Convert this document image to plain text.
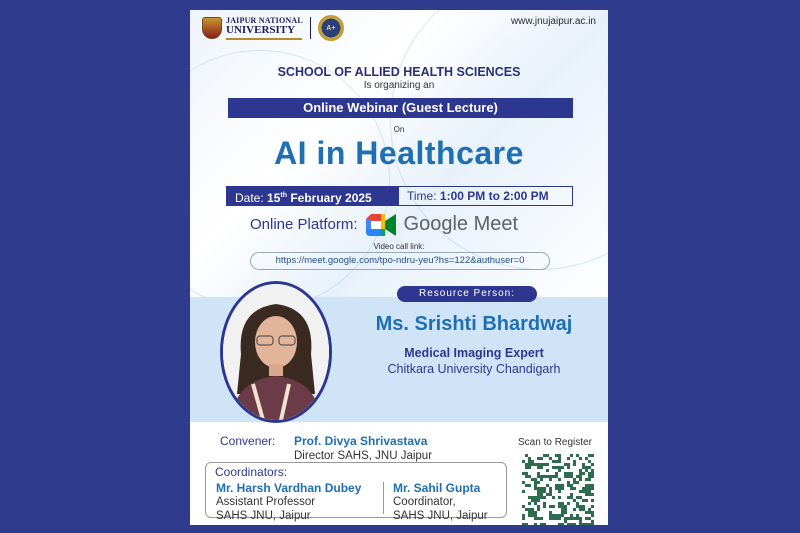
JAIPUR NATIONAL
UNIVERSITY	A+
www.jnujaipur.ac.in
SCHOOL OF ALLIED HEALTH SCIENCES
Is organizing an
Online Webinar (Guest Lecture)
On
AI in Healthcare
Date: 15th February 2025	Time: 1:00 PM to 2:00 PM
Online Platform: Google Meet
Video call link:
https://meet.google.com/tpo-ndru-yeu?hs=122&authuser=0
Resource Person:
Ms. Srishti Bhardwaj
Medical Imaging Expert
Chitkara University Chandigarh
Convener: Prof. Divya Shrivastava
Director SAHS, JNU Jaipur
Coordinators:
Mr. Harsh Vardhan Dubey
Assistant Professor
SAHS JNU, Jaipur
Mr. Sahil Gupta
Coordinator,
SAHS JNU, Jaipur
Scan to Register
